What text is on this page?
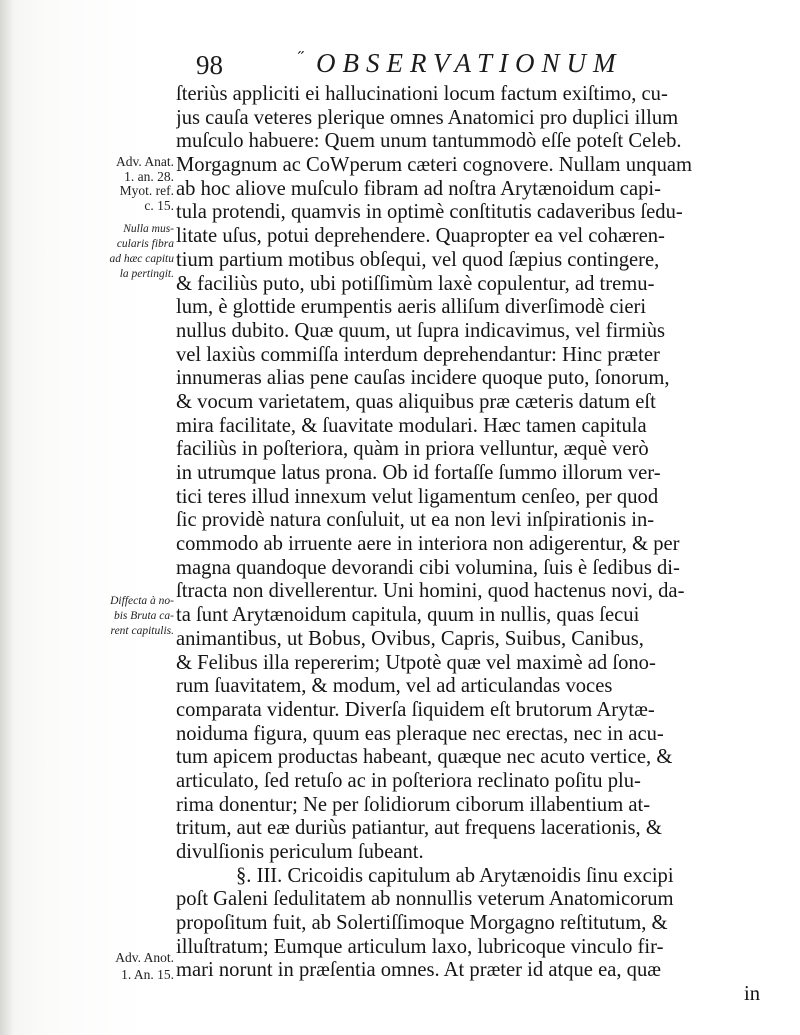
98
˝	OBSERVATIONUM
Adv. Anat.
1. an. 28.
Myot. ref.
c. 15.
Nulla mus-
cularis fibra
ad hæc capitu
la pertingit.
Diffecta à no-
bis Bruta ca-
rent capitulis.
Adv. Anot.
1. An. 15.
ſteriùs appliciti ei hallucinationi locum factum exiſtimo, cu-
jus cauſa veteres plerique omnes Anatomici pro duplici illum
muſculo habuere: Quem unum tantummodò eſſe poteſt Celeb.
Morgagnum ac CoWperum cæteri cognovere. Nullam unquam
ab hoc aliove muſculo fibram ad noſtra Arytænoidum capi-
tula protendi, quamvis in optimè conſtitutis cadaveribus ſedu-
litate uſus, potui deprehendere. Quapropter ea vel cohæren-
tium partium motibus obſequi, vel quod ſæpius contingere,
& faciliùs puto, ubi potiſſimùm laxè copulentur, ad tremu-
lum, è glottide erumpentis aeris alliſum diverſimodè cieri
nullus dubito. Quæ quum, ut ſupra indicavimus, vel firmiùs
vel laxiùs commiſſa interdum deprehendantur: Hinc præter
innumeras alias pene cauſas incidere quoque puto, ſonorum,
& vocum varietatem, quas aliquibus præ cæteris datum eſt
mira facilitate, & ſuavitate modulari. Hæc tamen capitula
faciliùs in poſteriora, quàm in priora velluntur, æquè verò
in utrumque latus prona. Ob id fortaſſe ſummo illorum ver-
tici teres illud innexum velut ligamentum cenſeo, per quod
ſic providè natura conſuluit, ut ea non levi inſpirationis in-
commodo ab irruente aere in interiora non adigerentur, & per
magna quandoque devorandi cibi volumina, ſuis è ſedibus di-
ſtracta non divellerentur. Uni homini, quod hactenus novi, da-
ta ſunt Arytænoidum capitula, quum in nullis, quas ſecui
animantibus, ut Bobus, Ovibus, Capris, Suibus, Canibus,
& Felibus illa repererim; Utpotè quæ vel maximè ad ſono-
rum ſuavitatem, & modum, vel ad articulandas voces
comparata videntur. Diverſa ſiquidem eſt brutorum Arytæ-
noiduma figura, quum eas pleraque nec erectas, nec in acu-
tum apicem productas habeant, quæque nec acuto vertice, &
articulato, ſed retuſo ac in poſteriora reclinato poſitu plu-
rima donentur; Ne per ſolidiorum ciborum illabentium at-
tritum, aut eæ duriùs patiantur, aut frequens lacerationis, &
divulſionis periculum ſubeant.
§. III. Cricoidis capitulum ab Arytænoidis ſinu excipi
poſt Galeni ſedulitatem ab nonnullis veterum Anatomicorum
propoſitum fuit, ab Solertiſſimoque Morgagno reſtitutum, &
illuſtratum; Eumque articulum laxo, lubricoque vinculo fir-
mari norunt in præſentia omnes. At præter id atque ea, quæ
in
